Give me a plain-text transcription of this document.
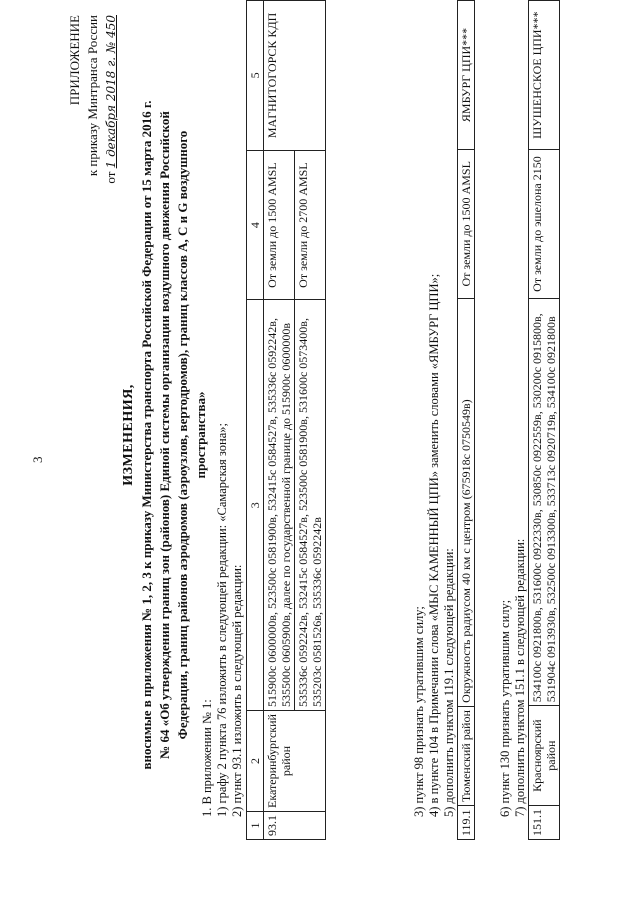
3
ПРИЛОЖЕНИЕ к приказу Минтранса России
от 1 декабря 2018 г. № 450
ИЗМЕНЕНИЯ, вносимые в приложения № 1, 2, 3 к приказу Министерства транспорта Российской Федерации от 15 марта 2016 г. № 64 «Об утверждении границ зон (районов) Единой системы организации воздушного движения Российской Федерации, границ районов аэродромов (аэроузлов, вертодромов), границ классов A, C и G воздушного пространства»
1. В приложении № 1: 1) графу 2 пункта 76 изложить в следующей редакции: «Самарская зона»; 2) пункт 93.1 изложить в следующей редакции:
1	2	3	4	5
93.1	Екатеринбургский район	515900с 0600000в, 523500с 0581900в, 532415с 0584527в, 535336с 0592242в, 535500с 0605900в, далее по государственной границе до 515900с 0600000в	От земли до 1500 AMSL	МАГНИТОГОРСК КДП
		535336с 0592242в, 532415с 0584527в, 523500с 0581900в, 531600с 0573400в, 535203с 0581526в, 535336с 0592242в	От земли до 2700 AMSL	
3) пункт 98 признать утратившим силу; 4) в пункте 104 в Примечании слова «МЫС КАМЕННЫЙ ЦПИ» заменить словами «ЯМБУРГ ЦПИ»; 5) дополнить пунктом 119.1 следующей редакции:
119.1	Тюменский район	Окружность радиусом 40 км с центром (675918с 0750549в)	От земли до 1500 AMSL	ЯМБУРГ ЦПИ***
6) пункт 130 признать утратившим силу; 7) дополнить пунктом 151.1 в следующей редакции:
151.1	Красноярский район	534100с 0921800в, 531600с 0922330в, 530850с 0922559в, 530200с 0915800в, 531904с 0913930в, 532500с 0913300в, 533713с 0920719в, 534100с 0921800в	От земли до эшелона 2150	ШУШЕНСКОЕ ЦПИ***
